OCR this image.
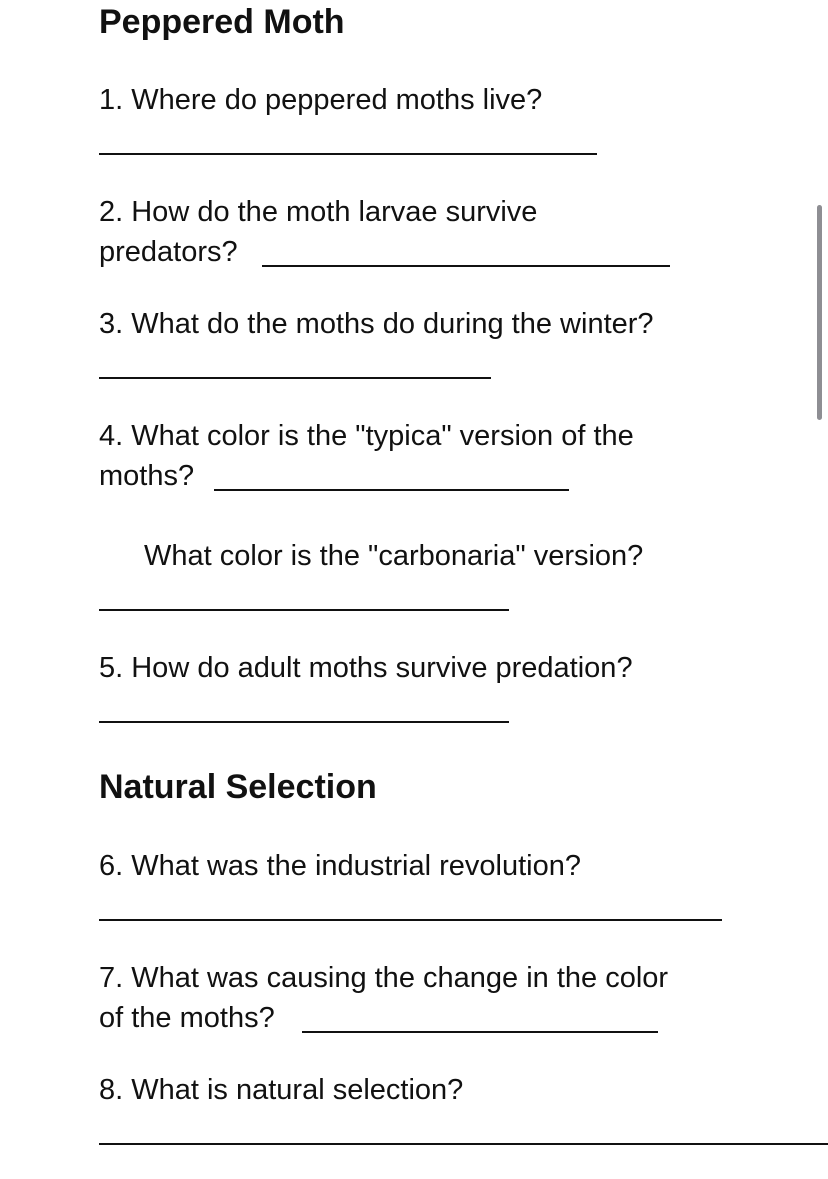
Peppered Moth

1. Where do peppered moths live?

2. How do the moth larvae survive

predators?

3. What do the moths do during the winter?

4. What color is the "typica" version of the

moths?

What color is the "carbonaria" version?

5. How do adult moths survive predation?

Natural Selection

6. What was the industrial revolution?

7. What was causing the change in the color

of the moths?

8. What is natural selection?
